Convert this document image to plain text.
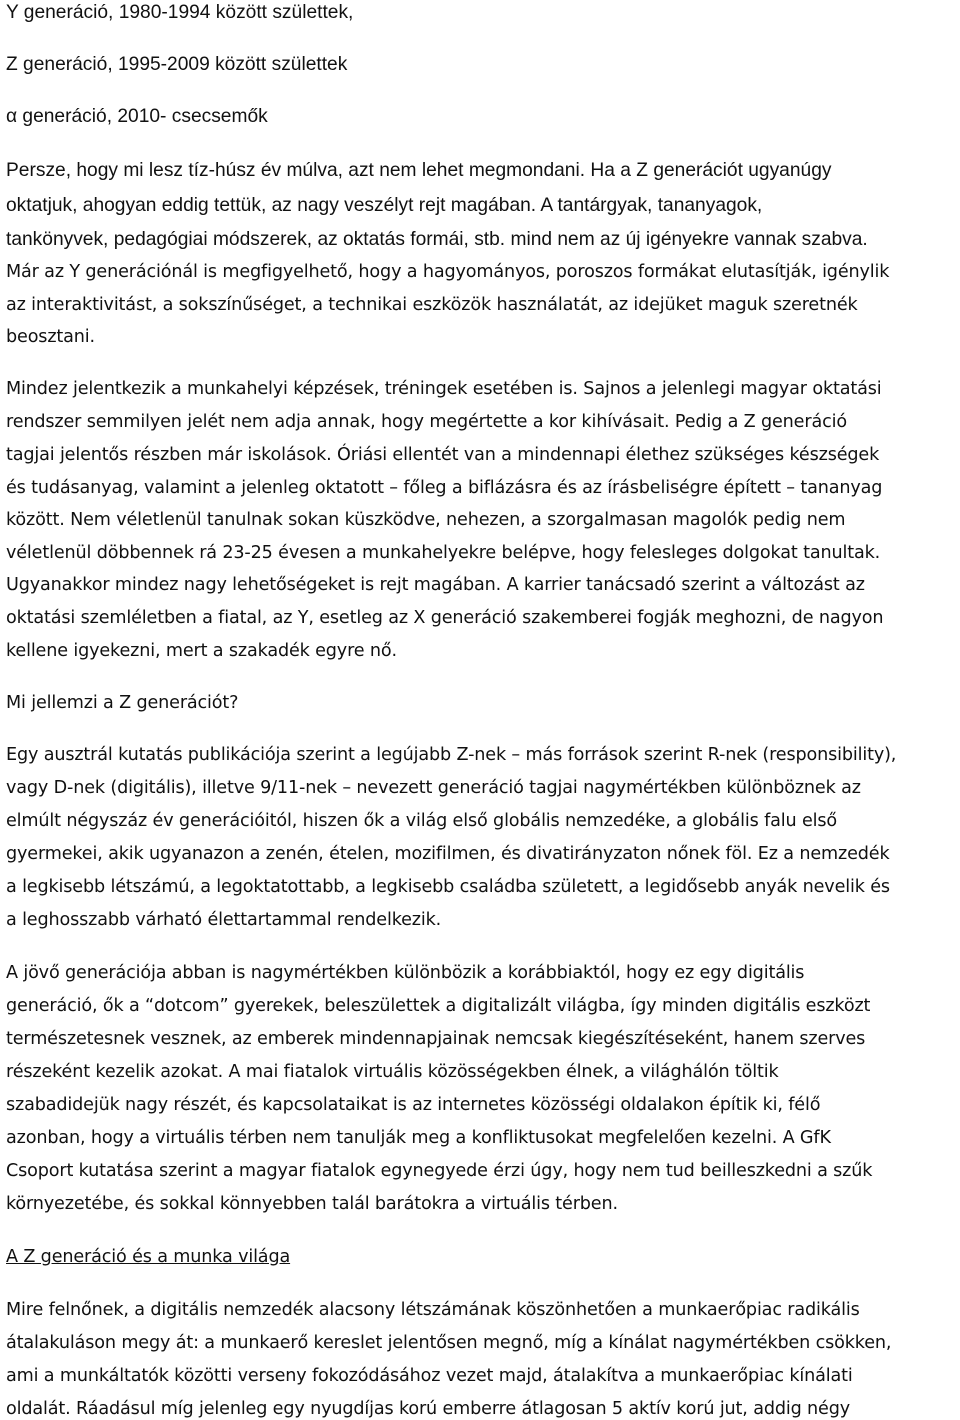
Y generáció, 1980-1994 között születtek,
Z generáció, 1995-2009 között születtek
α generáció, 2010- csecsemők
Persze, hogy mi lesz tíz-húsz év múlva, azt nem lehet megmondani. Ha a Z generációt ugyanúgy
oktatjuk, ahogyan eddig tettük, az nagy veszélyt rejt magában. A tantárgyak, tananyagok,
tankönyvek, pedagógiai módszerek, az oktatás formái, stb. mind nem az új igényekre vannak szabva.
Már az Y generációnál is megfigyelhető, hogy a hagyományos, poroszos formákat elutasítják, igénylik
az interaktivitást, a sokszínűséget, a technikai eszközök használatát, az idejüket maguk szeretnék
beosztani.
Mindez jelentkezik a munkahelyi képzések, tréningek esetében is. Sajnos a jelenlegi magyar oktatási
rendszer semmilyen jelét nem adja annak, hogy megértette a kor kihívásait. Pedig a Z generáció
tagjai jelentős részben már iskolások. Óriási ellentét van a mindennapi élethez szükséges készségek
és tudásanyag, valamint a jelenleg oktatott – főleg a biflázásra és az írásbeliségre épített – tananyag
között. Nem véletlenül tanulnak sokan küszködve, nehezen, a szorgalmasan magolók pedig nem
véletlenül döbbennek rá 23-25 évesen a munkahelyekre belépve, hogy felesleges dolgokat tanultak.
Ugyanakkor mindez nagy lehetőségeket is rejt magában. A karrier tanácsadó szerint a változást az
oktatási szemléletben a fiatal, az Y, esetleg az X generáció szakemberei fogják meghozni, de nagyon
kellene igyekezni, mert a szakadék egyre nő.
Mi jellemzi a Z generációt?
Egy ausztrál kutatás publikációja szerint a legújabb Z-nek – más források szerint R-nek (responsibility),
vagy D-nek (digitális), illetve 9/11-nek – nevezett generáció tagjai nagymértékben különböznek az
elmúlt négyszáz év generációitól, hiszen ők a világ első globális nemzedéke, a globális falu első
gyermekei, akik ugyanazon a zenén, ételen, mozifilmen, és divatirányzaton nőnek föl. Ez a nemzedék
a legkisebb létszámú, a legoktatottabb, a legkisebb családba született, a legidősebb anyák nevelik és
a leghosszabb várható élettartammal rendelkezik.
A jövő generációja abban is nagymértékben különbözik a korábbiaktól, hogy ez egy digitális
generáció, ők a “dotcom” gyerekek, beleszülettek a digitalizált világba, így minden digitális eszközt
természetesnek vesznek, az emberek mindennapjainak nemcsak kiegészítéseként, hanem szerves
részeként kezelik azokat. A mai fiatalok virtuális közösségekben élnek, a világhálón töltik
szabadidejük nagy részét, és kapcsolataikat is az internetes közösségi oldalakon építik ki, félő
azonban, hogy a virtuális térben nem tanulják meg a konfliktusokat megfelelően kezelni. A GfK
Csoport kutatása szerint a magyar fiatalok egynegyede érzi úgy, hogy nem tud beilleszkedni a szűk
környezetébe, és sokkal könnyebben talál barátokra a virtuális térben.
A Z generáció és a munka világa
Mire felnőnek, a digitális nemzedék alacsony létszámának köszönhetően a munkaerőpiac radikális
átalakuláson megy át: a munkaerő kereslet jelentősen megnő, míg a kínálat nagymértékben csökken,
ami a munkáltatók közötti verseny fokozódásához vezet majd, átalakítva a munkaerőpiac kínálati
oldalát. Ráadásul míg jelenleg egy nyugdíjas korú emberre átlagosan 5 aktív korú jut, addig négy
